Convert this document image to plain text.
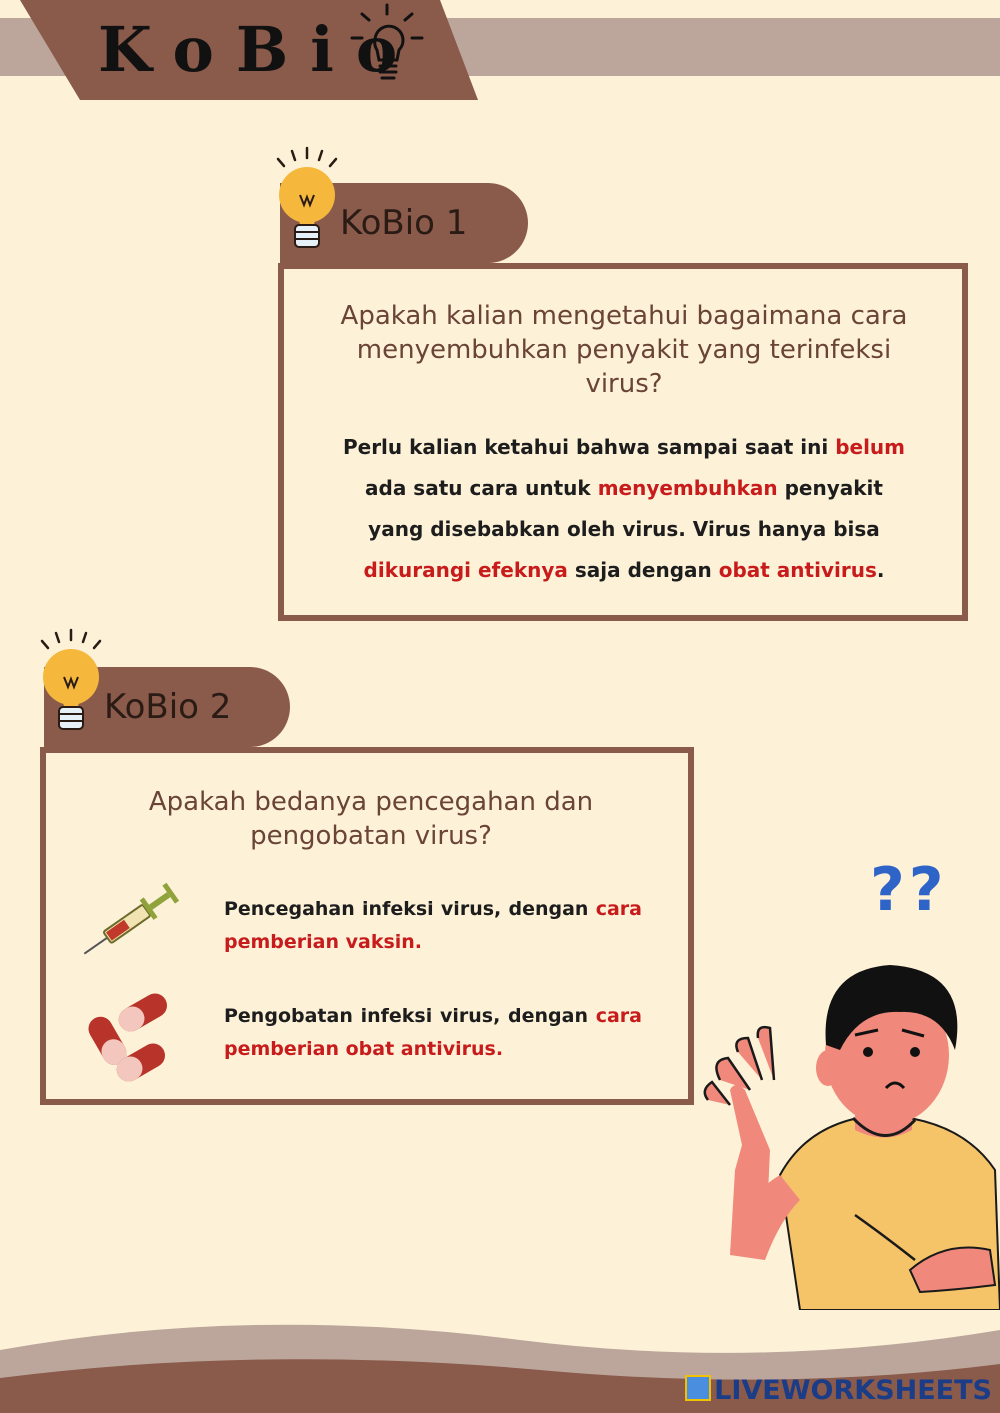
KoBio
KoBio 1
Apakah kalian mengetahui bagaimana cara menyembuhkan penyakit yang terinfeksi virus?
Perlu kalian ketahui bahwa sampai saat ini belum ada satu cara untuk menyembuhkan penyakit yang disebabkan oleh virus. Virus hanya bisa dikurangi efeknya saja dengan obat antivirus.
KoBio 2
Apakah bedanya pencegahan dan pengobatan virus?
Pencegahan infeksi virus, dengan cara pemberian vaksin.
Pengobatan infeksi virus, dengan cara pemberian obat antivirus.
??
LIVEWORKSHEETS
